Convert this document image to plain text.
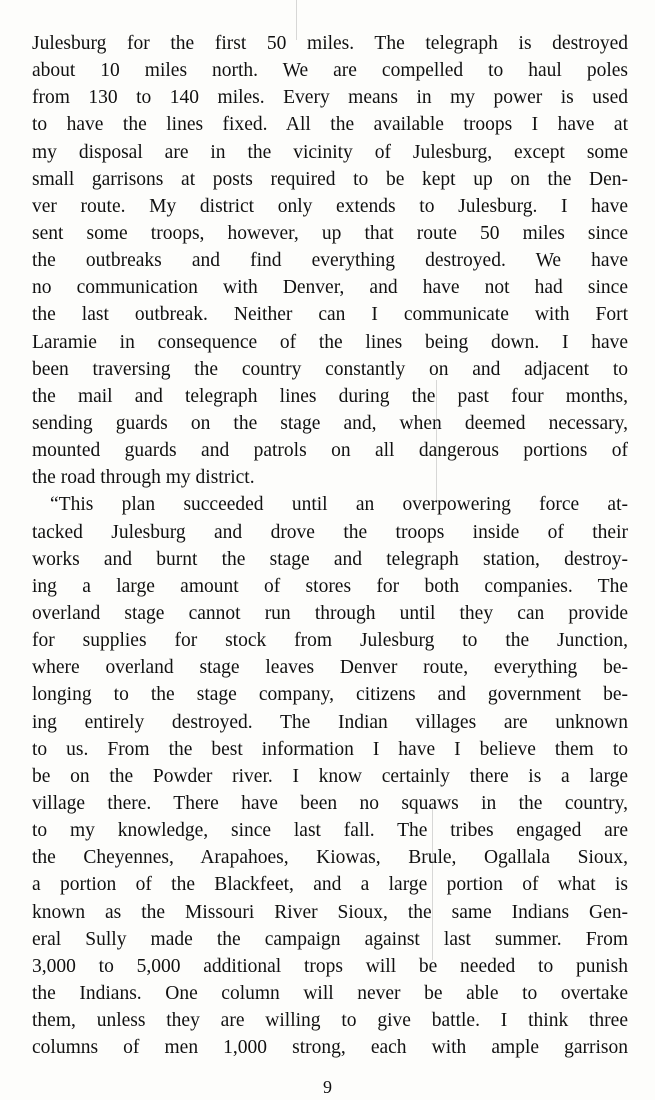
Julesburg for the first 50 miles. The telegraph is destroyed
about 10 miles north. We are compelled to haul poles
from 130 to 140 miles. Every means in my power is used
to have the lines fixed. All the available troops I have at
my disposal are in the vicinity of Julesburg, except some
small garrisons at posts required to be kept up on the Den-
ver route. My district only extends to Julesburg. I have
sent some troops, however, up that route 50 miles since
the outbreaks and find everything destroyed. We have
no communication with Denver, and have not had since
the last outbreak. Neither can I communicate with Fort
Laramie in consequence of the lines being down. I have
been traversing the country constantly on and adjacent to
the mail and telegraph lines during the past four months,
sending guards on the stage and, when deemed necessary,
mounted guards and patrols on all dangerous portions of
the road through my district.
“This plan succeeded until an overpowering force at-
tacked Julesburg and drove the troops inside of their
works and burnt the stage and telegraph station, destroy-
ing a large amount of stores for both companies. The
overland stage cannot run through until they can provide
for supplies for stock from Julesburg to the Junction,
where overland stage leaves Denver route, everything be-
longing to the stage company, citizens and government be-
ing entirely destroyed. The Indian villages are unknown
to us. From the best information I have I believe them to
be on the Powder river. I know certainly there is a large
village there. There have been no squaws in the country,
to my knowledge, since last fall. The tribes engaged are
the Cheyennes, Arapahoes, Kiowas, Brule, Ogallala Sioux,
a portion of the Blackfeet, and a large portion of what is
known as the Missouri River Sioux, the same Indians Gen-
eral Sully made the campaign against last summer. From
3,000 to 5,000 additional trops will be needed to punish
the Indians. One column will never be able to overtake
them, unless they are willing to give battle. I think three
columns of men 1,000 strong, each with ample garrison
9
